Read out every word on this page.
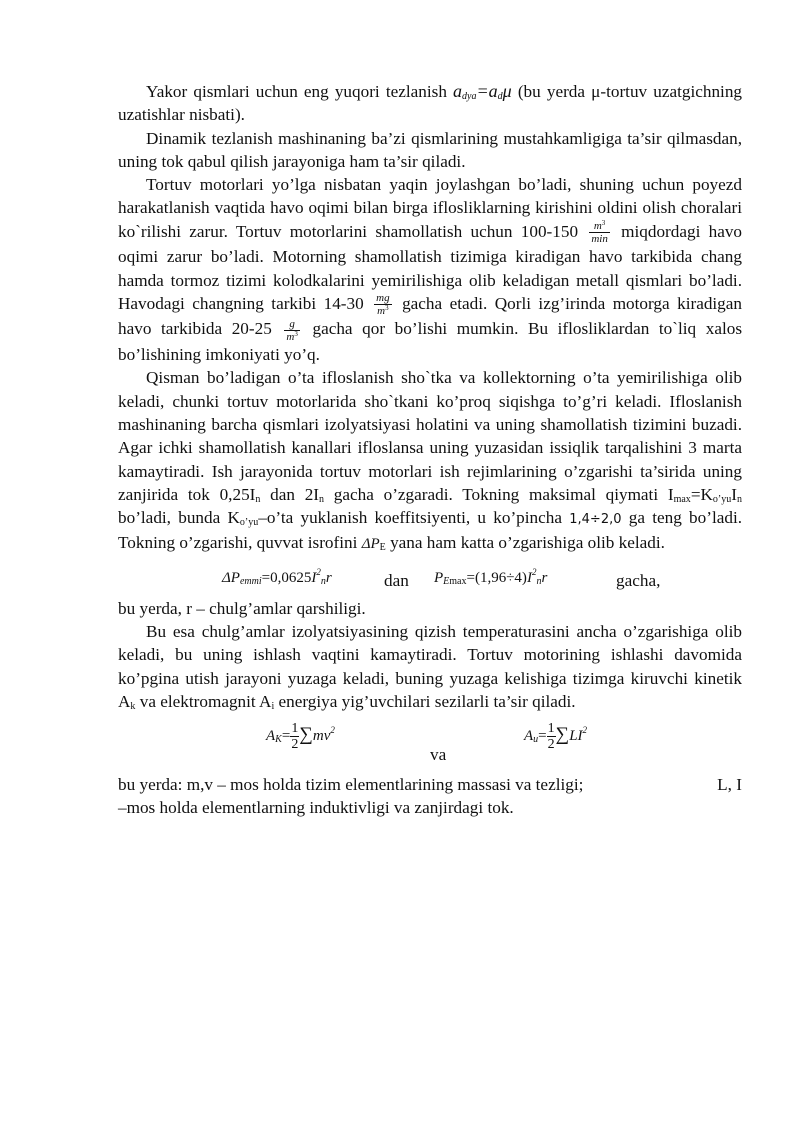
Yakor qismlari uchun eng yuqori tezlanish $a_{dya}=a_d\mu$ (bu yerda μ-tortuv uzatgichning uzatishlar nisbati).

Dinamik tezlanish mashinaning ba’zi qismlarining mustahkamligiga ta’sir qilmasdan, uning tok qabul qilish jarayoniga ham ta’sir qiladi.

Tortuv motorlari yo’lga nisbatan yaqin joylashgan bo’ladi, shuning uchun poyezd harakatlanish vaqtida havo oqimi bilan birga iflosliklarning kirishini oldini olish choralari ko`rilishi zarur. Tortuv motorlarini shamollatish uchun $100-150 \frac{m^3}{\min}$ miqdordagi havo oqimi zarur bo’ladi. Motorning shamollatish tizimiga kiradigan havo tarkibida chang hamda tormoz tizimi kolodkalarini yemirilishiga olib keladigan metall qismlari bo’ladi. Havodagi changning tarkibi $14-30 \frac{mg}{m^3}$ gacha etadi. Qorli izg’irinda motorga kiradigan havo tarkibida $20-25 \frac{g}{m^3}$ gacha qor bo’lishi mumkin. Bu iflosliklardan to`liq xalos bo’lishining imkoniyati yo’q.

Qisman bo’ladigan o’ta ifloslanish sho`tka va kollektorning o’ta yemirilishiga olib keladi, chunki tortuv motorlarida sho`tkani ko’proq siqishga to’g’ri keladi. Ifloslanish mashinaning barcha qismlari izolyatsiyasi holatini va uning shamollatish tizimini buzadi. Agar ichki shamollatish kanallari ifloslansa uning yuzasidan issiqlik tarqalishini 3 marta kamaytiradi. Ish jarayonida tortuv motorlari ish rejimlarining o’zgarishi ta’sirida uning zanjirida tok $0,25I_n$ dan $2I_n$ gacha o’zgaradi. Tokning maksimal qiymati $I_{max}=K_{o’yu}I_n$ bo’ladi, bunda $K_{o’yu}-o’ta$ yuklanish koeffitsiyenti, u ko’pincha 1,4÷2,0 ga teng bo’ladi. Tokning o’zgarishi, quvvat isrofini $\Delta P_E$ yana ham katta o’zgarishiga olib keladi.

$\Delta P_{emmi}=0,0625I^2_nr$	dan $P_{Emax}=(1,96\div 4)I^2_nr$	gacha,

bu yerda, r – chulg’amlar qarshiligi.

Bu esa chulg’amlar izolyatsiyasining qizish temperaturasini ancha o’zgarishiga olib keladi, bu uning ishlash vaqtini kamaytiradi. Tortuv motorining ishlashi davomida ko’pgina utish jarayoni yuzaga keladi, buning yuzaga kelishiga tizimga kiruvchi kinetik $A_k$ va elektromagnit $A_i$ energiya yig’uvchilari sezilarli ta’sir qiladi.

$A_K= \frac{1}{2} \sum mv^2$
va
$A_u= \frac{1}{2} \sum LI^2$
bu yerda: m,v – mos holda tizim elementlarining massasi va tezligi;	L, I

–mos holda elementlarning induktivligi va zanjirdagi tok.
